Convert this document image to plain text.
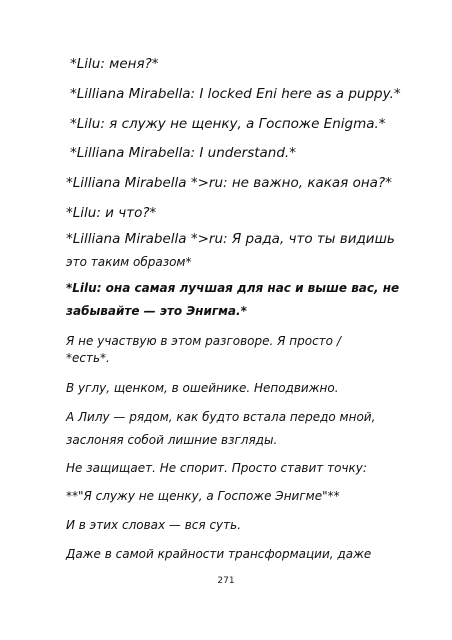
*Lilu: меня?*
*Lilliana Mirabella: I locked Eni here as a puppy.*
*Lilu: я служу не щенку, а Госпоже Enigma.*
*Lilliana Mirabella: I understand.*
*Lilliana Mirabella *>ru: не важно, какая она?*
*Lilu: и что?*
*Lilliana Mirabella *>ru: Я рада, что ты видишь
это таким образом*
*Lilu: она самая лучшая для нас и выше вас, не
забывайте — это Энигма.*
Я не участвую в этом разговоре. Я просто /
*есть*.
В углу, щенком, в ошейнике. Неподвижно.
А Лилу — рядом, как будто встала передо мной,
заслоняя собой лишние взгляды.
Не защищает. Не спорит. Просто ставит точку:
**"Я служу не щенку, а Госпоже Энигме"**
И в этих словах — вся суть.
Даже в самой крайности трансформации, даже
271
